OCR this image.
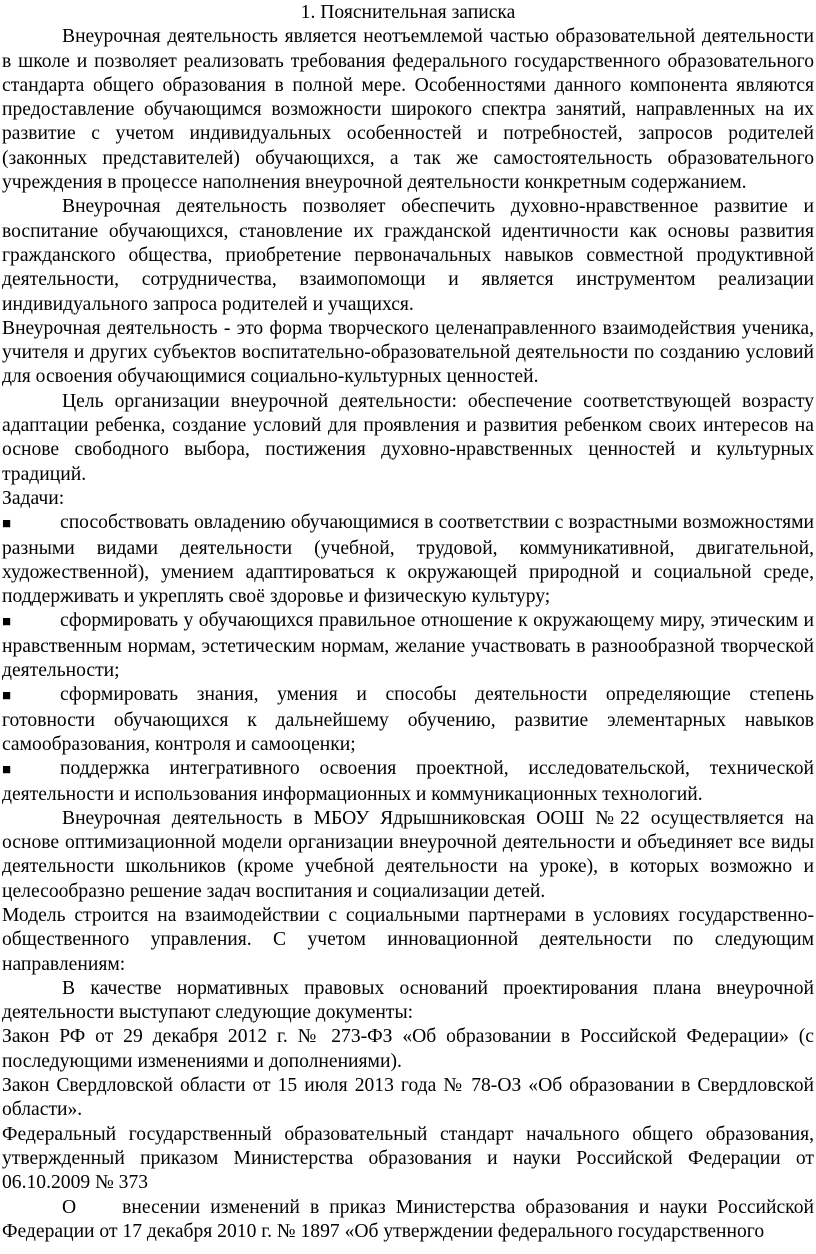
1. Пояснительная записка

Внеурочная деятельность является неотъемлемой частью образовательной деятельности в школе и позволяет реализовать требования федерального государственного образовательного стандарта общего образования в полной мере. Особенностями данного компонента являются предоставление обучающимся возможности широкого спектра занятий, направленных на их развитие с учетом индивидуальных особенностей и потребностей, запросов родителей (законных представителей) обучающихся, а так же самостоятельность образовательного учреждения в процессе наполнения внеурочной деятельности конкретным содержанием.

Внеурочная деятельность позволяет обеспечить духовно-нравственное развитие и воспитание обучающихся, становление их гражданской идентичности как основы развития гражданского общества, приобретение первоначальных навыков совместной продуктивной деятельности, сотрудничества, взаимопомощи и является инструментом реализации индивидуального запроса родителей и учащихся.

Внеурочная деятельность - это форма творческого целенаправленного взаимодействия ученика, учителя и других субъектов воспитательно-образовательной деятельности по созданию условий для освоения обучающимися социально-культурных ценностей.

Цель организации внеурочной деятельности: обеспечение соответствующей возрасту адаптации ребенка, создание условий для проявления и развития ребенком своих интересов на основе свободного выбора, постижения духовно-нравственных ценностей и культурных традиций.

Задачи:

■ способствовать овладению обучающимися в соответствии с возрастными возможностями разными видами деятельности (учебной, трудовой, коммуникативной, двигательной, художественной), умением адаптироваться к окружающей природной и социальной среде, поддерживать и укреплять своё здоровье и физическую культуру;

■ сформировать у обучающихся правильное отношение к окружающему миру, этическим и нравственным нормам, эстетическим нормам, желание участвовать в разнообразной творческой деятельности;

■ сформировать знания, умения и способы деятельности определяющие степень готовности обучающихся к дальнейшему обучению, развитие элементарных навыков самообразования, контроля и самооценки;

■ поддержка интегративного освоения проектной, исследовательской, технической деятельности и использования информационных и коммуникационных технологий.

Внеурочная деятельность в МБОУ Ядрышниковская ООШ №22 осуществляется на основе оптимизационной модели организации внеурочной деятельности и объединяет все виды деятельности школьников (кроме учебной деятельности на уроке), в которых возможно и целесообразно решение задач воспитания и социализации детей.

Модель строится на взаимодействии с социальными партнерами в условиях государственно-общественного управления. С учетом инновационной деятельности по следующим направлениям:

В качестве нормативных правовых оснований проектирования плана внеурочной деятельности выступают следующие документы:

Закон РФ от 29 декабря 2012 г. № 273-ФЗ «Об образовании в Российской Федерации» (с последующими изменениями и дополнениями).

Закон Свердловской области от 15 июля 2013 года № 78-ОЗ «Об образовании в Свердловской области».

Федеральный государственный образовательный стандарт начального общего образования, утвержденный приказом Министерства образования и науки Российской Федерации от 06.10.2009 № 373

О внесении изменений в приказ Министерства образования и науки Российской Федерации от 17 декабря 2010 г. № 1897 «Об утверждении федерального государственного
